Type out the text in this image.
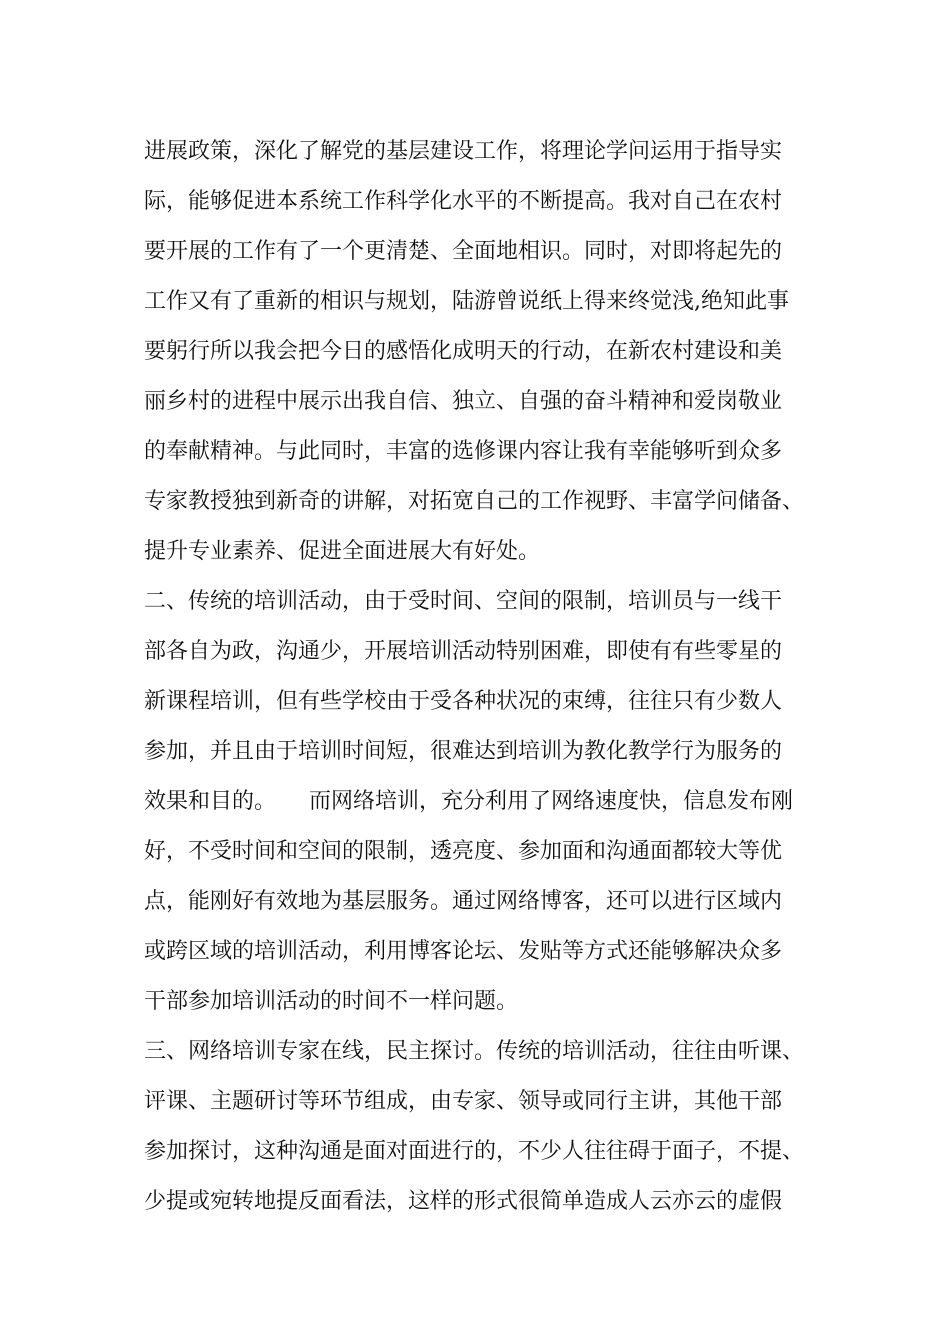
进展政策，深化了解党的基层建设工作，将理论学问运用于指导实
际，能够促进本系统工作科学化水平的不断提高。我对自己在农村
要开展的工作有了一个更清楚、全面地相识。同时，对即将起先的
工作又有了重新的相识与规划，陆游曾说纸上得来终觉浅,绝知此事
要躬行所以我会把今日的感悟化成明天的行动，在新农村建设和美
丽乡村的进程中展示出我自信、独立、自强的奋斗精神和爱岗敬业
的奉献精神。与此同时，丰富的选修课内容让我有幸能够听到众多
专家教授独到新奇的讲解，对拓宽自己的工作视野、丰富学问储备、
提升专业素养、促进全面进展大有好处。
二、传统的培训活动，由于受时间、空间的限制，培训员与一线干
部各自为政，沟通少，开展培训活动特别困难，即使有有些零星的
新课程培训，但有些学校由于受各种状况的束缚，往往只有少数人
参加，并且由于培训时间短，很难达到培训为教化教学行为服务的
效果和目的。　　而网络培训，充分利用了网络速度快，信息发布刚
好，不受时间和空间的限制，透亮度、参加面和沟通面都较大等优
点，能刚好有效地为基层服务。通过网络博客，还可以进行区域内
或跨区域的培训活动，利用博客论坛、发贴等方式还能够解决众多
干部参加培训活动的时间不一样问题。
三、网络培训专家在线，民主探讨。传统的培训活动，往往由听课、
评课、主题研讨等环节组成，由专家、领导或同行主讲，其他干部
参加探讨，这种沟通是面对面进行的，不少人往往碍于面子，不提、
少提或宛转地提反面看法，这样的形式很简单造成人云亦云的虚假
